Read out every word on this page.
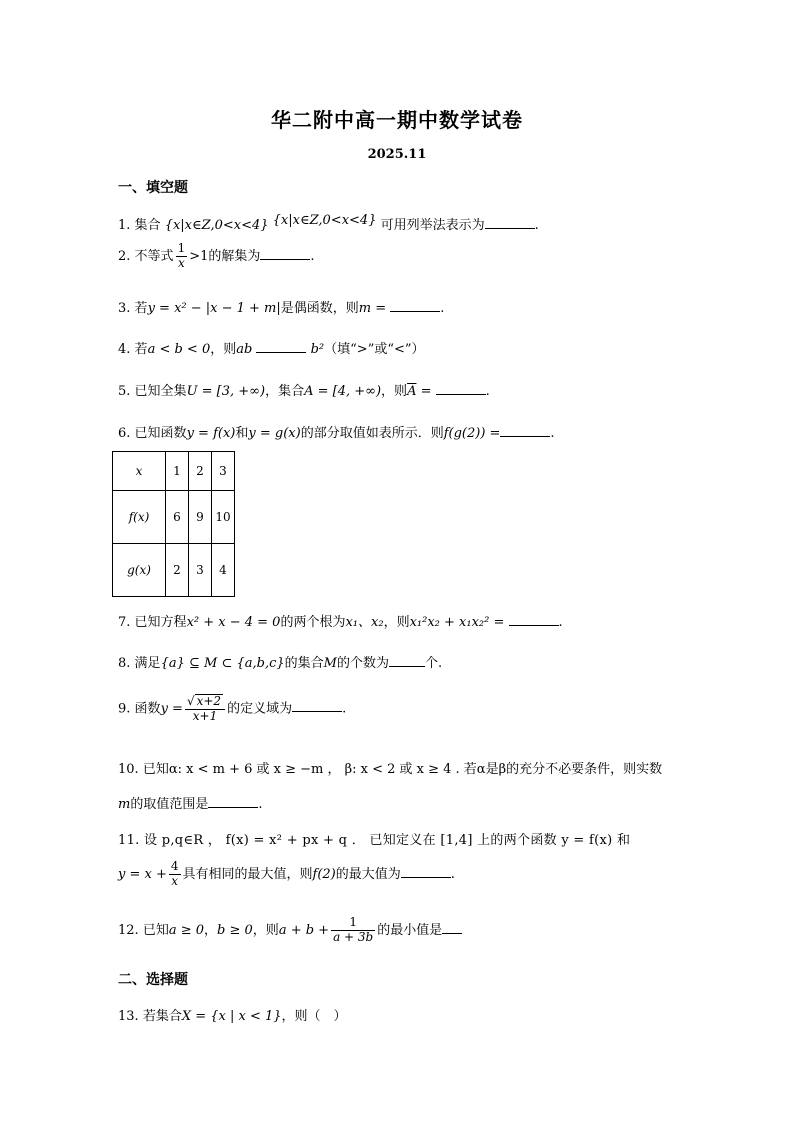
华二附中高一期中数学试卷
2025.11
一、填空题
1. 集合 {x|x∈Z,0<x<4} {x|x∈Z,0<x<4} 可用列举法表示为	.
2. 不等式 $\frac{1}{x} >1$的解集为	.
3. 若y = x² − |x − 1 + m|是偶函数，则m =	.
4. 若a < b < 0，则ab	b²（填“>”或“<”）
5. 已知全集U = [3, +∞)，集合A = [4, +∞)，则$\overline{A}$ =	.
6. 已知函数y = f(x)和y = g(x)的部分取值如表所示．则f(g(2)) =	.
x	1	2	3
f(x)	6	9	10
g(x)	2	3	4
7. 已知方程x² + x − 4 = 0的两个根为x₁、x₂，则x₁²x₂ + x₁x₂² =	.
8. 满足{a} ⊆ M ⊂ {a,b,c}的集合M的个数为	个.
9. 函数$y = \frac{√ x+2}{x+1}$ 的定义域为	.
10. 已知α: x < m + 6 或 x ≥ −m ， β: x < 2 或 x ≥ 4 . 若α是β的充分不必要条件，则实数
m的取值范围是	.
11. 设 p,q∈R ， f(x) = x² + px + q ． 已知定义在 [1,4] 上的两个函数 y = f(x) 和
$y = x + \frac{4}{x}$ 具有相同的最大值，则f(2)的最大值为	.
12. 已知a ≥ 0，b ≥ 0，则$a + b + \frac{1}{a + 3b}$ 的最小值是
二、选择题
13. 若集合X = {x | x < 1}，则（　）
